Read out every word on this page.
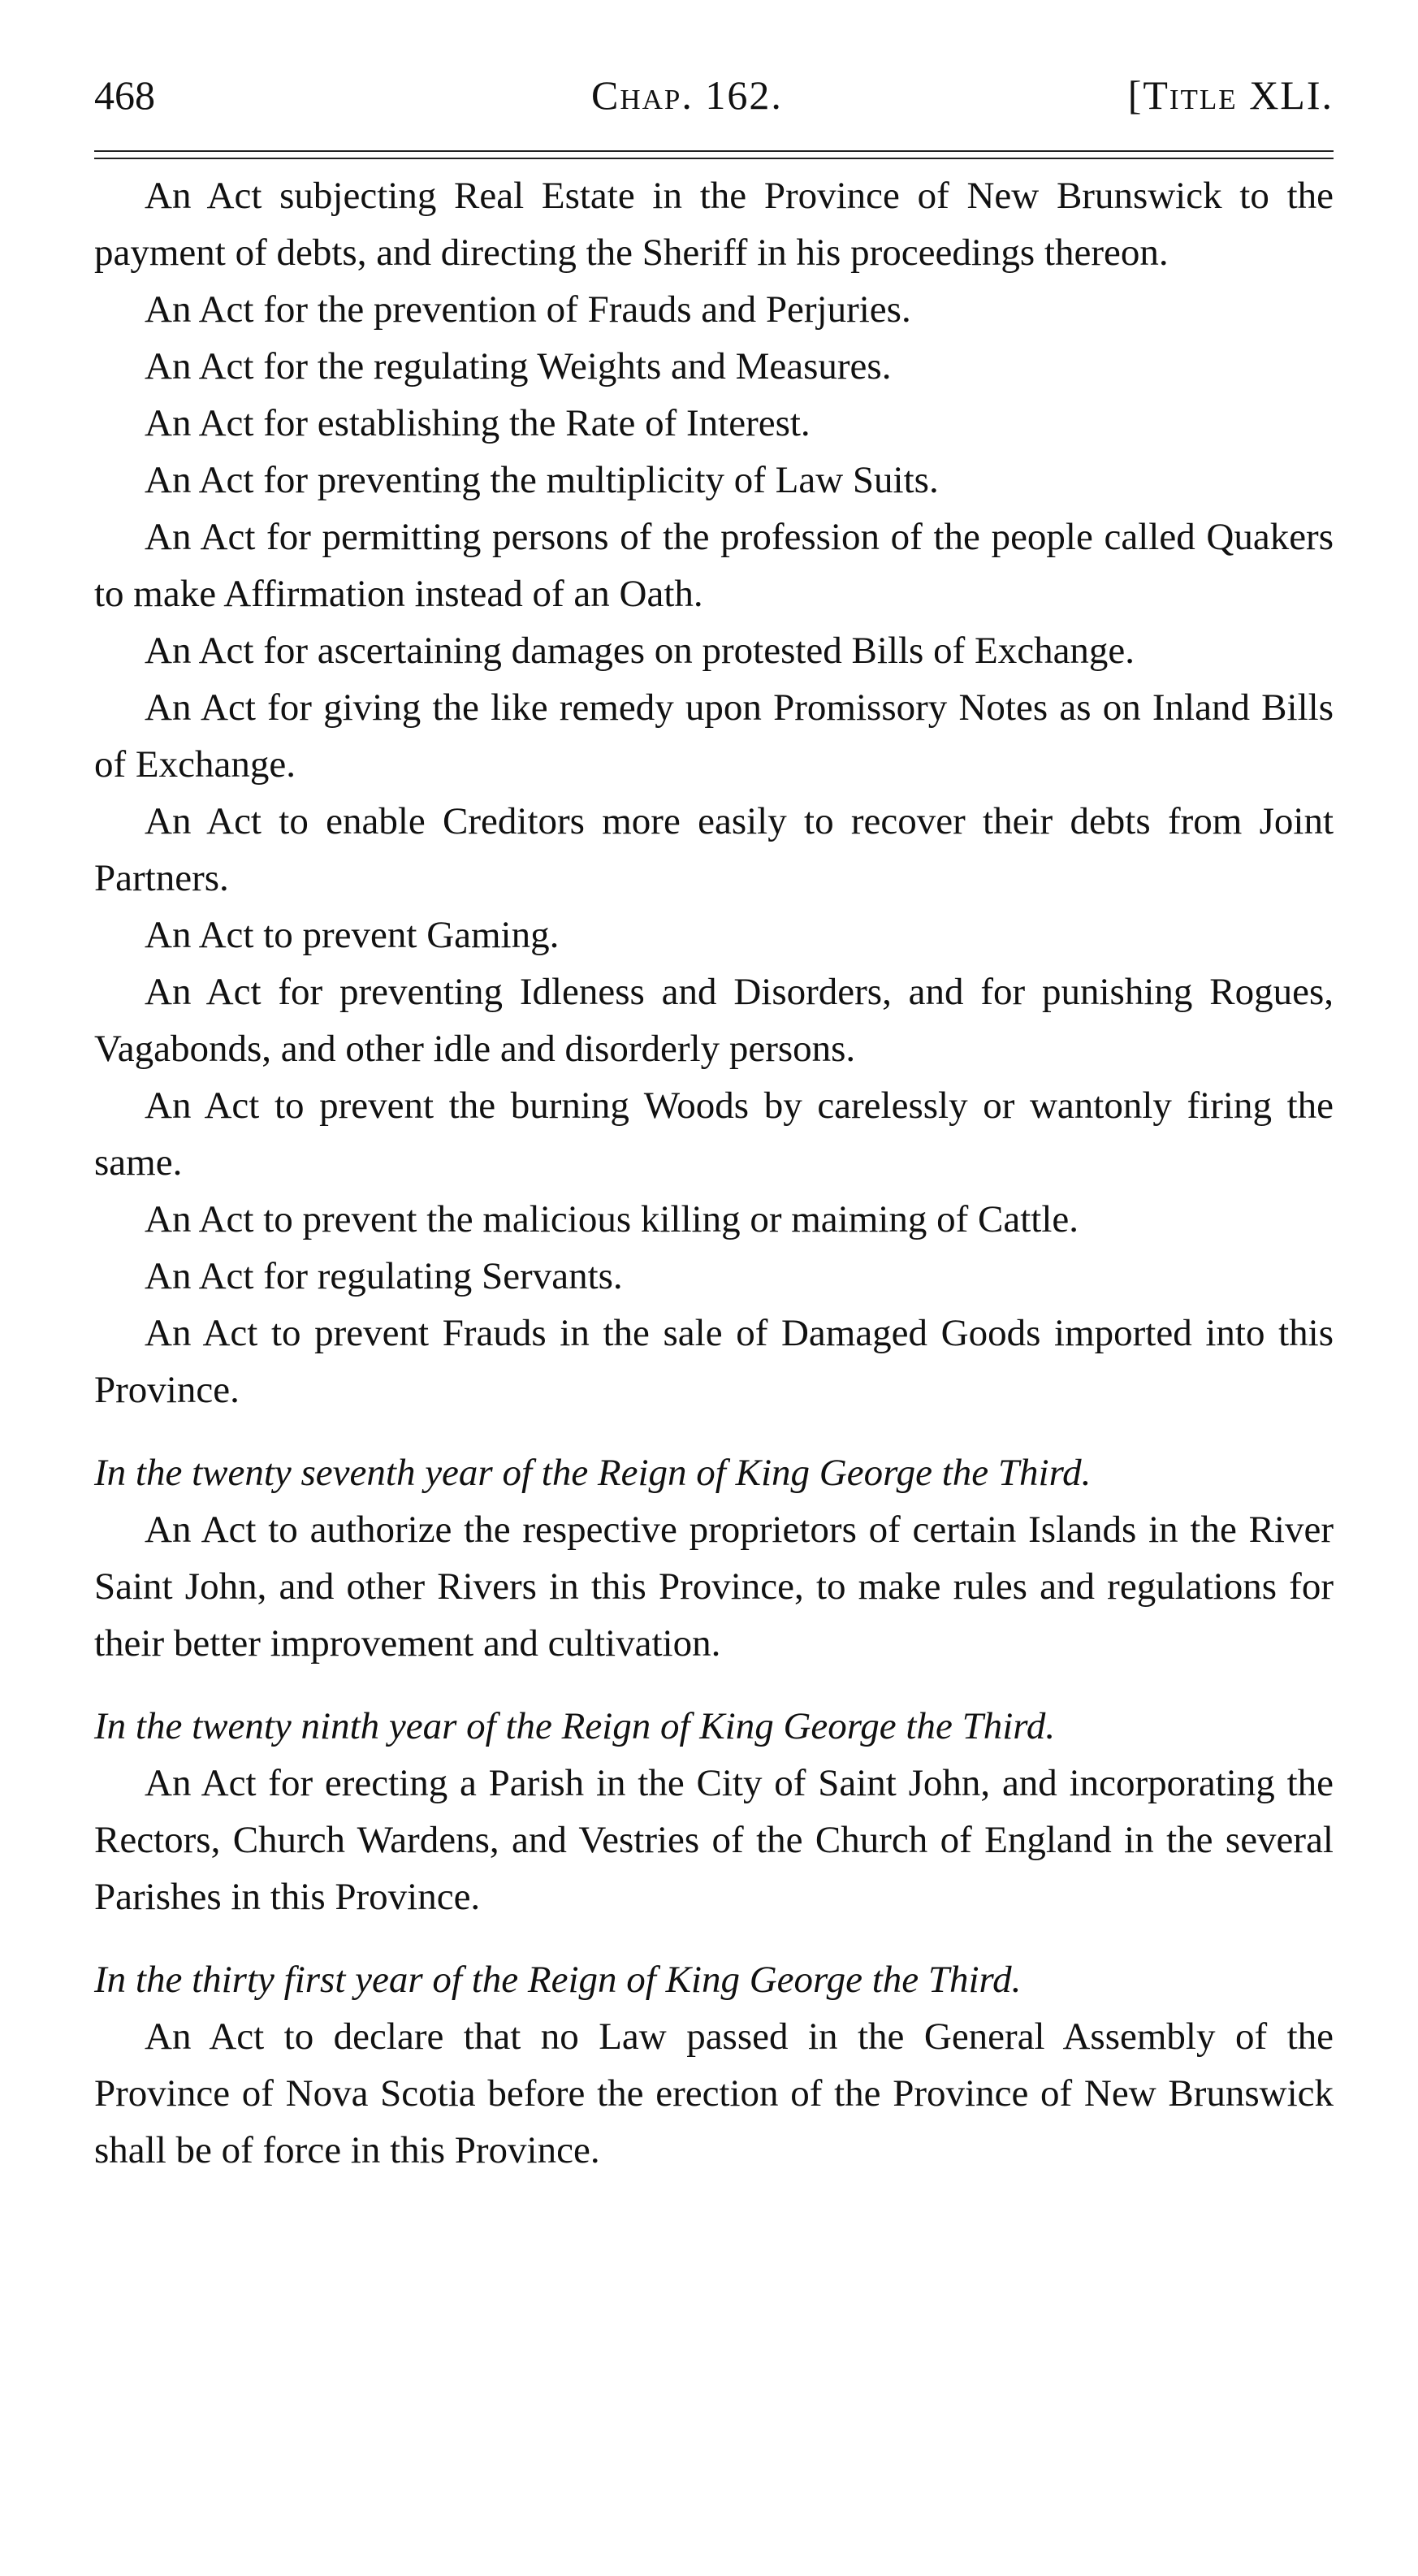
468	Chap. 162.	[Title XLI.

An Act subjecting Real Estate in the Province of New Brunswick to the payment of debts, and directing the Sheriff in his proceedings thereon.

An Act for the prevention of Frauds and Perjuries.

An Act for the regulating Weights and Measures.

An Act for establishing the Rate of Interest.

An Act for preventing the multiplicity of Law Suits.

An Act for permitting persons of the profession of the people called Quakers to make Affirmation instead of an Oath.

An Act for ascertaining damages on protested Bills of Exchange.

An Act for giving the like remedy upon Promissory Notes as on Inland Bills of Exchange.

An Act to enable Creditors more easily to recover their debts from Joint Partners.

An Act to prevent Gaming.

An Act for preventing Idleness and Disorders, and for punishing Rogues, Vagabonds, and other idle and disorderly persons.

An Act to prevent the burning Woods by carelessly or wantonly firing the same.

An Act to prevent the malicious killing or maiming of Cattle.

An Act for regulating Servants.

An Act to prevent Frauds in the sale of Damaged Goods imported into this Province.

In the twenty seventh year of the Reign of King George the Third.

An Act to authorize the respective proprietors of certain Islands in the River Saint John, and other Rivers in this Province, to make rules and regulations for their better improvement and cultivation.

In the twenty ninth year of the Reign of King George the Third.

An Act for erecting a Parish in the City of Saint John, and incorporating the Rectors, Church Wardens, and Vestries of the Church of England in the several Parishes in this Province.

In the thirty first year of the Reign of King George the Third.

An Act to declare that no Law passed in the General Assembly of the Province of Nova Scotia before the erection of the Province of New Brunswick shall be of force in this Province.
